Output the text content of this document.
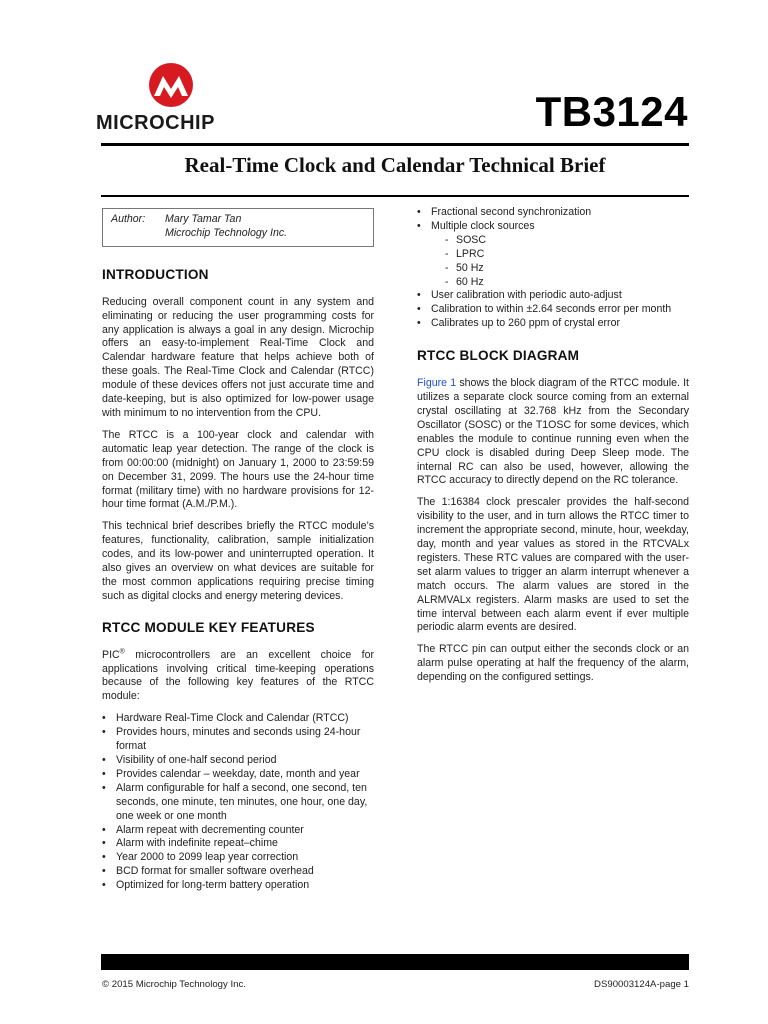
MICROCHIP	TB3124
Real-Time Clock and Calendar Technical Brief
Author:	Mary Tamar Tan
Microchip Technology Inc.
INTRODUCTION

Reducing overall component count in any system and eliminating or reducing the user programming costs for any application is always a goal in any design. Microchip offers an easy-to-implement Real-Time Clock and Calendar hardware feature that helps achieve both of these goals. The Real-Time Clock and Calendar (RTCC) module of these devices offers not just accurate time and date-keeping, but is also optimized for low-power usage with minimum to no intervention from the CPU.

The RTCC is a 100-year clock and calendar with automatic leap year detection. The range of the clock is from 00:00:00 (midnight) on January 1, 2000 to 23:59:59 on December 31, 2099. The hours use the 24-hour time format (military time) with no hardware provisions for 12-hour time format (A.M./P.M.).

This technical brief describes briefly the RTCC module’s features, functionality, calibration, sample initialization codes, and its low-power and uninterrupted operation. It also gives an overview on what devices are suitable for the most common applications requiring precise timing such as digital clocks and energy metering devices.

RTCC MODULE KEY FEATURES

PIC® microcontrollers are an excellent choice for applications involving critical time-keeping operations because of the following key features of the RTCC module:

• Hardware Real-Time Clock and Calendar (RTCC)
• Provides hours, minutes and seconds using 24-hour format
• Visibility of one-half second period
• Provides calendar – weekday, date, month and year
• Alarm configurable for half a second, one second, ten seconds, one minute, ten minutes, one hour, one day, one week or one month
• Alarm repeat with decrementing counter
• Alarm with indefinite repeat–chime
• Year 2000 to 2099 leap year correction
• BCD format for smaller software overhead
• Optimized for long-term battery operation
• Fractional second synchronization
• Multiple clock sources
- SOSC
- LPRC
- 50 Hz
- 60 Hz
• User calibration with periodic auto-adjust
• Calibration to within ±2.64 seconds error per month
• Calibrates up to 260 ppm of crystal error
RTCC BLOCK DIAGRAM

Figure 1 shows the block diagram of the RTCC module. It utilizes a separate clock source coming from an external crystal oscillating at 32.768 kHz from the Secondary Oscillator (SOSC) or the T1OSC for some devices, which enables the module to continue running even when the CPU clock is disabled during Deep Sleep mode. The internal RC can also be used, however, allowing the RTCC accuracy to directly depend on the RC tolerance.

The 1:16384 clock prescaler provides the half-second visibility to the user, and in turn allows the RTCC timer to increment the appropriate second, minute, hour, weekday, day, month and year values as stored in the RTCVALx registers. These RTC values are compared with the user-set alarm values to trigger an alarm interrupt whenever a match occurs. The alarm values are stored in the ALRMVALx registers. Alarm masks are used to set the time interval between each alarm event if ever multiple periodic alarm events are desired.

The RTCC pin can output either the seconds clock or an alarm pulse operating at half the frequency of the alarm, depending on the configured settings.

© 2015 Microchip Technology Inc.	DS90003124A-page 1
